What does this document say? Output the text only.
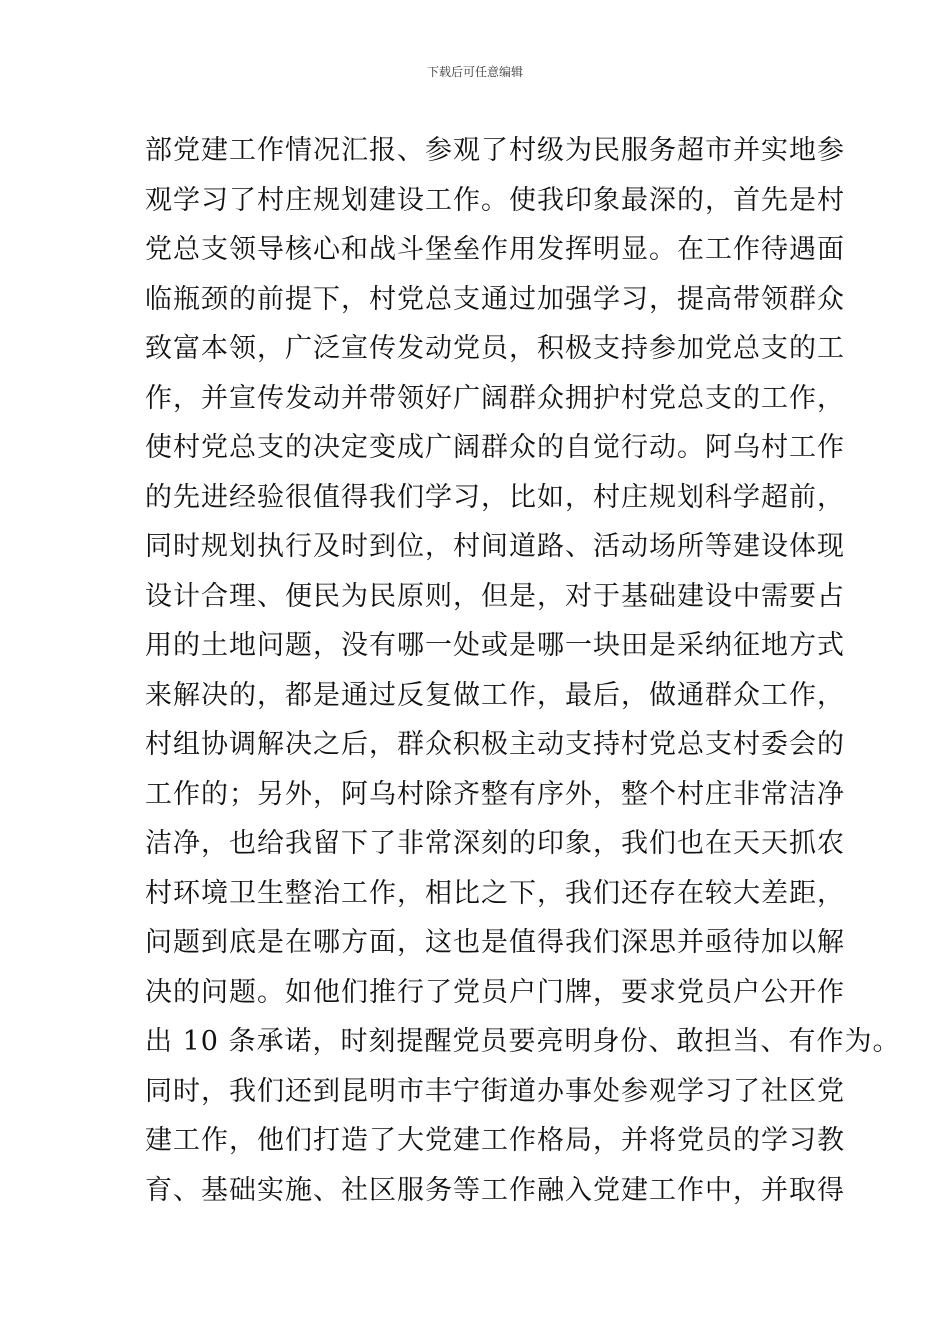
下载后可任意编辑
部党建工作情况汇报、参观了村级为民服务超市并实地参
观学习了村庄规划建设工作。使我印象最深的，首先是村
党总支领导核心和战斗堡垒作用发挥明显。在工作待遇面
临瓶颈的前提下，村党总支通过加强学习，提高带领群众
致富本领，广泛宣传发动党员，积极支持参加党总支的工
作，并宣传发动并带领好广阔群众拥护村党总支的工作，
使村党总支的决定变成广阔群众的自觉行动。阿乌村工作
的先进经验很值得我们学习，比如，村庄规划科学超前，
同时规划执行及时到位，村间道路、活动场所等建设体现
设计合理、便民为民原则，但是，对于基础建设中需要占
用的土地问题，没有哪一处或是哪一块田是采纳征地方式
来解决的，都是通过反复做工作，最后，做通群众工作，
村组协调解决之后，群众积极主动支持村党总支村委会的
工作的；另外，阿乌村除齐整有序外，整个村庄非常洁净
洁净，也给我留下了非常深刻的印象，我们也在天天抓农
村环境卫生整治工作，相比之下，我们还存在较大差距，
问题到底是在哪方面，这也是值得我们深思并亟待加以解
决的问题。如他们推行了党员户门牌，要求党员户公开作
出 10 条承诺，时刻提醒党员要亮明身份、敢担当、有作为。
同时，我们还到昆明市丰宁街道办事处参观学习了社区党
建工作，他们打造了大党建工作格局，并将党员的学习教
育、基础实施、社区服务等工作融入党建工作中，并取得
